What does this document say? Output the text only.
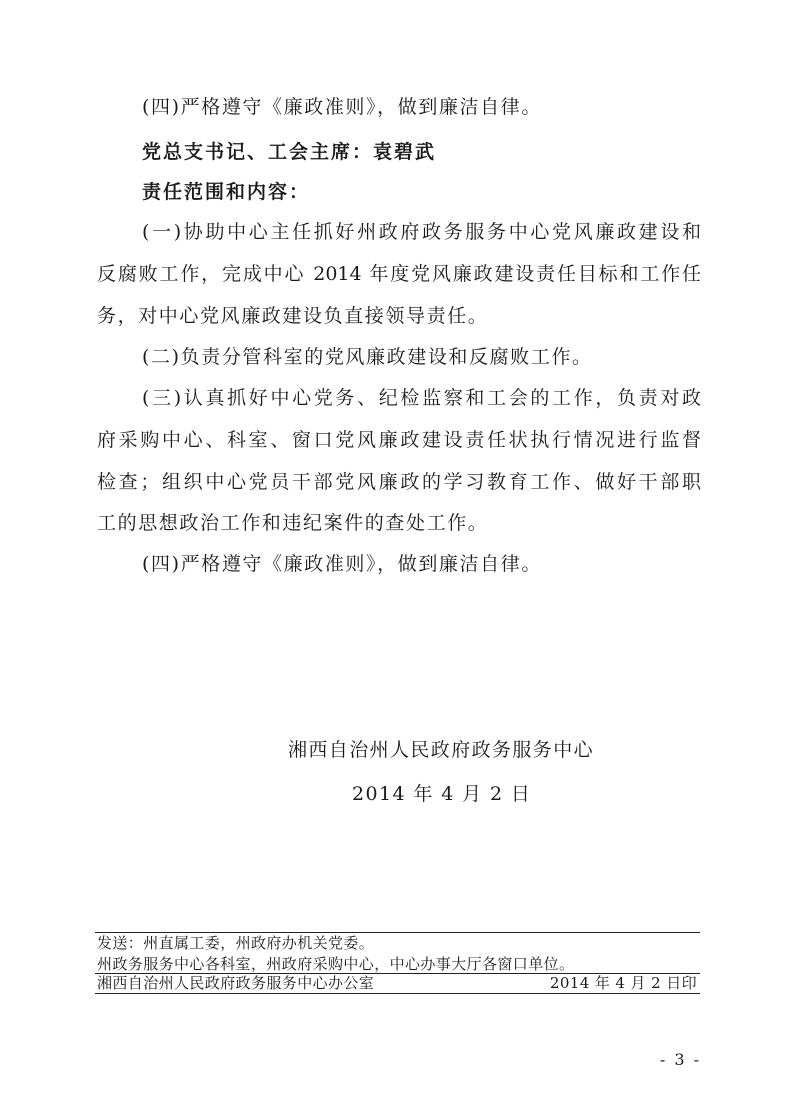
(四)严格遵守《廉政准则》，做到廉洁自律。
党总支书记、工会主席：袁碧武
责任范围和内容：
(一)协助中心主任抓好州政府政务服务中心党风廉政建设和
反腐败工作，完成中心 2014 年度党风廉政建设责任目标和工作任
务，对中心党风廉政建设负直接领导责任。
(二)负责分管科室的党风廉政建设和反腐败工作。
(三)认真抓好中心党务、纪检监察和工会的工作，负责对政
府采购中心、科室、窗口党风廉政建设责任状执行情况进行监督
检查；组织中心党员干部党风廉政的学习教育工作、做好干部职
工的思想政治工作和违纪案件的查处工作。
(四)严格遵守《廉政准则》，做到廉洁自律。
湘西自治州人民政府政务服务中心
2014 年 4 月 2 日
发送：州直属工委，州政府办机关党委。
州政务服务中心各科室，州政府采购中心，中心办事大厅各窗口单位。
湘西自治州人民政府政务服务中心办公室	2014 年 4 月 2 日印
- 3 -
